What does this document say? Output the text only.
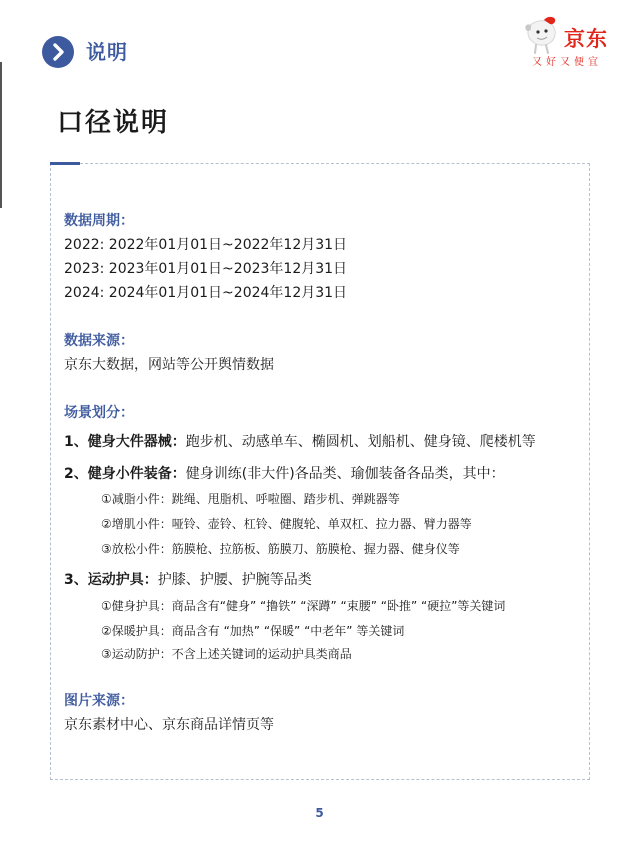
说明
京东
又好又便宜
口径说明
数据周期：
2022: 2022年01月01日~2022年12月31日
2023: 2023年01月01日~2023年12月31日
2024: 2024年01月01日~2024年12月31日
数据来源：
京东大数据，网站等公开舆情数据
场景划分：
1、健身大件器械：跑步机、动感单车、椭圆机、划船机、健身镜、爬楼机等
2、健身小件装备：健身训练(非大件)各品类、瑜伽装备各品类，其中：
①减脂小件：跳绳、甩脂机、呼啦圈、踏步机、弹跳器等
②增肌小件：哑铃、壶铃、杠铃、健腹轮、单双杠、拉力器、臂力器等
③放松小件：筋膜枪、拉筋板、筋膜刀、筋膜枪、握力器、健身仪等
3、运动护具：护膝、护腰、护腕等品类
①健身护具：商品含有“健身” “撸铁” “深蹲” “束腰” “卧推” “硬拉”等关键词
②保暖护具：商品含有 “加热” “保暖” “中老年” 等关键词
③运动防护：不含上述关键词的运动护具类商品
图片来源：
京东素材中心、京东商品详情页等
5
